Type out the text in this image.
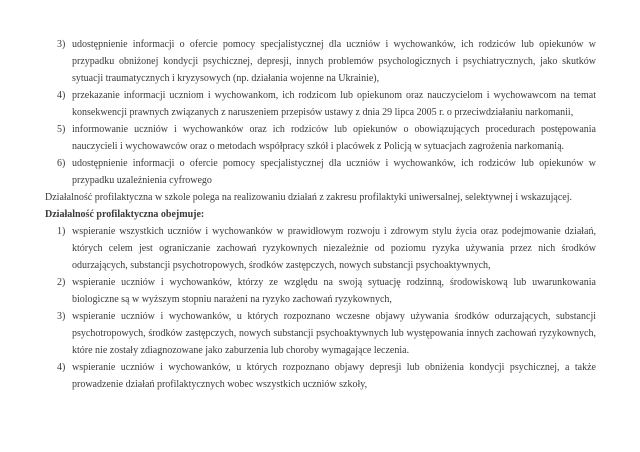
3) udostępnienie informacji o ofercie pomocy specjalistycznej dla uczniów i wychowanków, ich rodziców lub opiekunów w przypadku obniżonej kondycji psychicznej, depresji, innych problemów psychologicznych i psychiatrycznych, jako skutków sytuacji traumatycznych i kryzysowych (np. działania wojenne na Ukrainie),
4) przekazanie informacji uczniom i wychowankom, ich rodzicom lub opiekunom oraz nauczycielom i wychowawcom na temat konsekwencji prawnych związanych z naruszeniem przepisów ustawy z dnia 29 lipca 2005 r. o przeciwdziałaniu narkomanii,
5) informowanie uczniów i wychowanków oraz ich rodziców lub opiekunów o obowiązujących procedurach postępowania nauczycieli i wychowawców oraz o metodach współpracy szkół i placówek z Policją w sytuacjach zagrożenia narkomanią.
6) udostępnienie informacji o ofercie pomocy specjalistycznej dla uczniów i wychowanków, ich rodziców lub opiekunów w przypadku uzależnienia cyfrowego

Działalność profilaktyczna w szkole polega na realizowaniu działań z zakresu profilaktyki uniwersalnej, selektywnej i wskazującej.

Działalność profilaktyczna obejmuje:

1) wspieranie wszystkich uczniów i wychowanków w prawidłowym rozwoju i zdrowym stylu życia oraz podejmowanie działań, których celem jest ograniczanie zachowań ryzykownych niezależnie od poziomu ryzyka używania przez nich środków odurzających, substancji psychotropowych, środków zastępczych, nowych substancji psychoaktywnych,
2) wspieranie uczniów i wychowanków, którzy ze względu na swoją sytuację rodzinną, środowiskową lub uwarunkowania biologiczne są w wyższym stopniu narażeni na ryzyko zachowań ryzykownych,
3) wspieranie uczniów i wychowanków, u których rozpoznano wczesne objawy używania środków odurzających, substancji psychotropowych, środków zastępczych, nowych substancji psychoaktywnych lub występowania innych zachowań ryzykownych, które nie zostały zdiagnozowane jako zaburzenia lub choroby wymagające leczenia.
4) wspieranie uczniów i wychowanków, u których rozpoznano objawy depresji lub obniżenia kondycji psychicznej, a także prowadzenie działań profilaktycznych wobec wszystkich uczniów szkoły,
